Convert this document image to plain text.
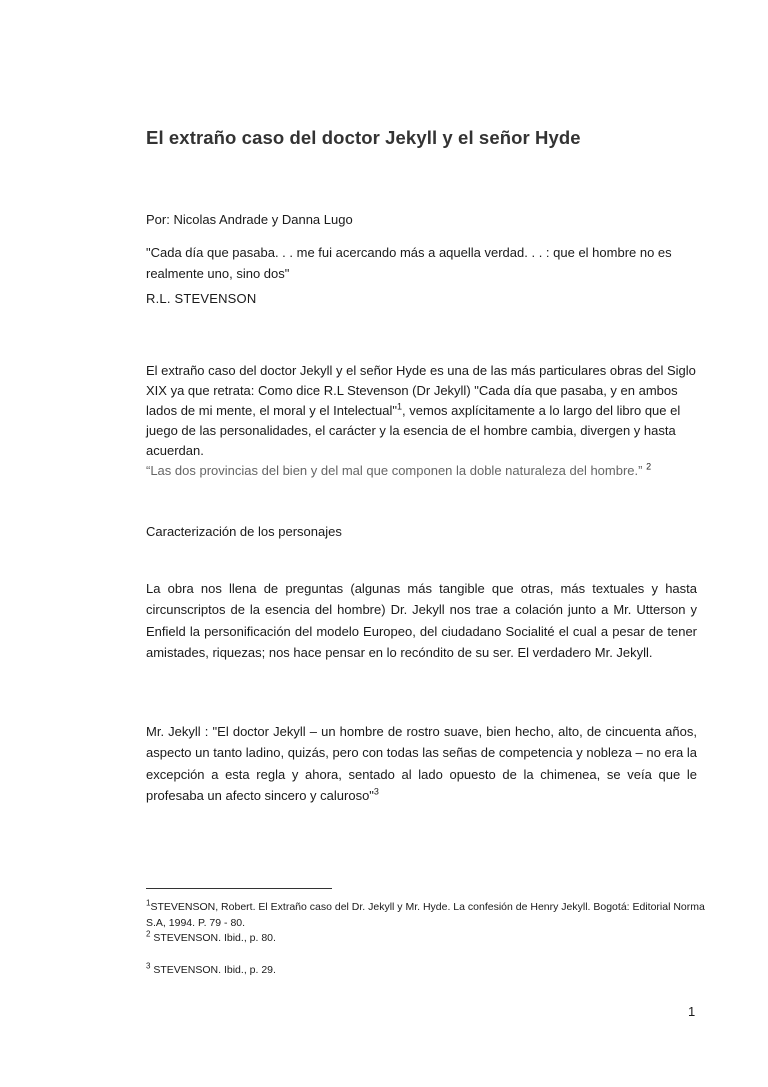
El extraño caso del doctor Jekyll y el señor Hyde

Por: Nicolas Andrade y Danna Lugo

"Cada día que pasaba. . . me fui acercando más a aquella verdad. . . : que el hombre no es realmente uno, sino dos"

R.L. STEVENSON

El extraño caso del doctor Jekyll y el señor Hyde es una de las más particulares obras del Siglo XIX ya que retrata: Como dice R.L Stevenson (Dr Jekyll) "Cada día que pasaba, y en ambos lados de mi mente, el moral y el Intelectual"$^1$, vemos axplícitamente a lo largo del libro que el juego de las personalidades, el carácter y la esencia de el hombre cambia, divergen y hasta acuerdan.
“Las dos provincias del bien y del mal que componen la doble naturaleza del hombre.” $^2$

Caracterización de los personajes

La obra nos llena de preguntas (algunas más tangible que otras, más textuales y hasta circunscriptos de la esencia del hombre) Dr. Jekyll nos trae a colación junto a Mr. Utterson y Enfield la personificación del modelo Europeo, del ciudadano Socialité el cual a pesar de tener amistades, riquezas; nos hace pensar en lo recóndito de su ser. El verdadero Mr. Jekyll.

Mr. Jekyll : "El doctor Jekyll – un hombre de rostro suave, bien hecho, alto, de cincuenta años, aspecto un tanto ladino, quizás, pero con todas las señas de competencia y nobleza – no era la excepción a esta regla y ahora, sentado al lado opuesto de la chimenea, se veía que le profesaba un afecto sincero y caluroso"$^3$

$^1$STEVENSON, Robert. El Extraño caso del Dr. Jekyll y Mr. Hyde. La confesión de Henry Jekyll. Bogotá: Editorial Norma S.A, 1994. P. 79 - 80.

$^2$ STEVENSON. Ibid., p. 80.

$^3$ STEVENSON. Ibid., p. 29.

1
